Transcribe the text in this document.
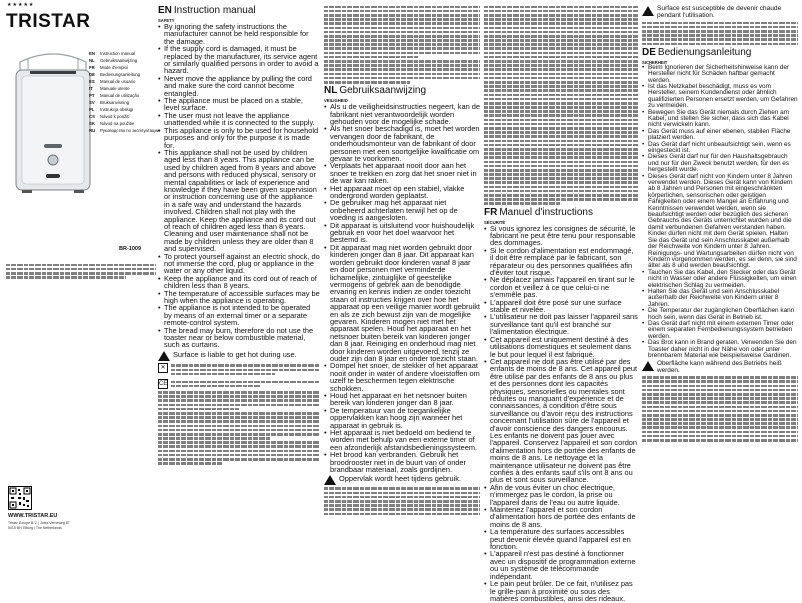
★★★★★
TRISTAR
EN Instruction manual
NL Gebruiksaanwijzing
FR Mode d'emploi
DE Bedienungsanleitung
ES Manual de usuario
IT Manuale utente
PT Manual de utilização
SV Bruksanvisning
PL Instrukcja obsługi
CS Návod k použití
SK Návod na použitie
RU Руководство по эксплуатации
BR-1009
WWW.TRISTAR.EU
Tristar Europe B.V. | Jules Verneweg 87
5015 BH Tilburg | The Netherlands
EN Instruction manual
SAFETY
• By ignoring the safety instructions the manufacturer cannot be held responsible for the damage.
• If the supply cord is damaged, it must be replaced by the manufacturer, its service agent or similarly qualified persons in order to avoid a hazard.
• Never move the appliance by pulling the cord and make sure the cord cannot become entangled.
• The appliance must be placed on a stable, level surface.
• The user must not leave the appliance unattended while it is connected to the supply.
• This appliance is only to be used for household purposes and only for the purpose it is made for.
• This appliance shall not be used by children aged less than 8 years. This appliance can be used by children aged from 8 years and above and persons with reduced physical, sensory or mental capabilities or lack of experience and knowledge if they have been given supervision or instruction concerning use of the appliance in a safe way and understand the hazards involved. Children shall not play with the appliance. Keep the appliance and its cord out of reach of children aged less than 8 years. Cleaning and user maintenance shall not be made by children unless they are older than 8 and supervised.
• To protect yourself against an electric shock, do not immerse the cord, plug or appliance in the water or any other liquid.
• Keep the appliance and its cord out of reach of children less than 8 years.
• The temperature of accessible surfaces may be high when the appliance is operating.
• The appliance is not intended to be operated by means of an external timer or a separate remote-control system.
• The bread may burn, therefore do not use the toaster near or below combustible material, such as curtains.
Surface is liable to get hot during use.
✕
CE
NL Gebruiksaanwijzing
VEILIGHEID
• Als u de veiligheidsinstructies negeert, kan de fabrikant niet verantwoordelijk worden gehouden voor de mogelijke schade.
• Als het snoer beschadigd is, moet het worden vervangen door de fabrikant, de onderhoudsmonteur van de fabrikant of door personen met een soortgelijke kwalificatie om gevaar te voorkomen.
• Verplaats het apparaat nooit door aan het snoer te trekken en zorg dat het snoer niet in de war kan raken.
• Het apparaat moet op een stabiel, vlakke ondergrond worden geplaatst.
• De gebruiker mag het apparaat niet onbeheerd achterlaten terwijl het op de voeding is aangesloten.
• Dit apparaat is uitsluitend voor huishoudelijk gebruik en voor het doel waarvoor het bestemd is.
• Dit apparaat mag niet worden gebruikt door kinderen jonger dan 8 jaar. Dit apparaat kan worden gebruikt door kinderen vanaf 8 jaar en door personen met verminderde lichamelijke, zintuiglijke of geestelijke vermogens of gebrek aan de benodigde ervaring en kennis indien ze onder toezicht staan of instructies krijgen over hoe het apparaat op een veilige manier wordt gebruikt en als ze zich bewust zijn van de mogelijke gevaren. Kinderen mogen niet met het apparaat spelen. Houd het apparaat en het netsnoer buiten bereik van kinderen jonger dan 8 jaar. Reiniging en onderhoud mag niet door kinderen worden uitgevoerd, tenzij ze ouder zijn dan 8 jaar en onder toezicht staan.
• Dompel het snoer, de stekker of het apparaat nooit onder in water of andere vloeistoffen om uzelf te beschermen tegen elektrische schokken.
• Houd het apparaat en het netsnoer buiten bereik van kinderen jonger dan 8 jaar.
• De temperatuur van de toegankelijke oppervlakken kan hoog zijn wanneer het apparaat in gebruik is.
• Het apparaat is niet bedoeld om bediend te worden met behulp van een externe timer of een afzonderlijk afstandsbedieningssysteem.
• Het brood kan verbranden. Gebruik het broodrooster niet in de buurt van of onder brandbaar materiaal, zoals gordijnen.
Oppervlak wordt heet tijdens gebruik.
FR Manuel d'instructions
SÉCURITÉ
• Si vous ignorez les consignes de sécurité, le fabricant ne peut être tenu pour responsable des dommages.
• Si le cordon d'alimentation est endommagé, il doit être remplacé par le fabricant, son réparateur ou des personnes qualifiées afin d'éviter tout risque.
• Ne déplacez jamais l'appareil en tirant sur le cordon et veillez à ce que celui-ci ne s'emmêle pas.
• L'appareil doit être posé sur une surface stable et nivelée.
• L'utilisateur ne doit pas laisser l'appareil sans surveillance tant qu'il est branché sur l'alimentation électrique.
• Cet appareil est uniquement destiné à des utilisations domestiques et seulement dans le but pour lequel il est fabriqué.
• Cet appareil ne doit pas être utilisé par des enfants de moins de 8 ans. Cet appareil peut être utilisé par des enfants de 8 ans ou plus et des personnes dont les capacités physiques, sensorielles ou mentales sont réduites ou manquant d'expérience et de connaissances, à condition d'être sous surveillance ou d'avoir reçu des instructions concernant l'utilisation sûre de l'appareil et d'avoir conscience des dangers encourus. Les enfants ne doivent pas jouer avec l'appareil. Conservez l'appareil et son cordon d'alimentation hors de portée des enfants de moins de 8 ans. Le nettoyage et la maintenance utilisateur ne doivent pas être confiés à des enfants sauf s'ils ont 8 ans ou plus et sont sous surveillance.
• Afin de vous éviter un choc électrique, n'immergez pas le cordon, la prise ou l'appareil dans de l'eau ou autre liquide.
• Maintenez l'appareil et son cordon d'alimentation hors de portée des enfants de moins de 8 ans.
• La température des surfaces accessibles peut devenir élevée quand l'appareil est en fonction.
• L'appareil n'est pas destiné à fonctionner avec un dispositif de programmation externe ou un système de télécommande indépendant.
• Le pain peut brûler. De ce fait, n'utilisez pas le grille-pain à proximité ou sous des matières combustibles, ainsi des rideaux.
Surface est susceptible de devenir chaude pendant l'utilisation.
DE Bedienungsanleitung
SICHERHEIT
• Beim Ignorieren der Sicherheitshinweise kann der Hersteller nicht für Schäden haftbar gemacht werden.
• Ist das Netzkabel beschädigt, muss es vom Hersteller, seinem Kundendienst oder ähnlich qualifizierten Personen ersetzt werden, um Gefahren zu vermeiden.
• Bewegen Sie das Gerät niemals durch Ziehen am Kabel, und stellen Sie sicher, dass sich das Kabel nicht verwickeln kann.
• Das Gerät muss auf einer ebenen, stabilen Fläche platziert werden.
• Das Gerät darf nicht unbeaufsichtigt sein, wenn es eingesteckt ist.
• Dieses Gerät darf nur für den Haushaltsgebrauch und nur für den Zweck benutzt werden, für den es hergestellt wurde.
• Dieses Gerät darf nicht von Kindern unter 8 Jahren verwendet werden. Dieses Gerät kann von Kindern ab 8 Jahren und Personen mit eingeschränkten körperlichen, sensorischen oder geistigen Fähigkeiten oder einem Mangel an Erfahrung und Kenntnissen verwendet werden, wenn sie beaufsichtigt werden oder bezüglich des sicheren Gebrauchs des Geräts unterrichtet wurden und die damit verbundenen Gefahren verstanden haben. Kinder dürfen nicht mit dem Gerät spielen. Halten Sie das Gerät und sein Anschlusskabel außerhalb der Reichweite von Kindern unter 8 Jahren. Reinigungs- und Wartungsarbeiten dürfen nicht von Kindern vorgenommen werden, es sei denn, sie sind älter als 8 und werden beaufsichtigt.
• Tauchen Sie das Kabel, den Stecker oder das Gerät nicht in Wasser oder andere Flüssigkeiten, um einen elektrischen Schlag zu vermeiden.
• Halten Sie das Gerät und sein Anschlusskabel außerhalb der Reichweite von Kindern unter 8 Jahren.
• Die Temperatur der zugänglichen Oberflächen kann hoch sein, wenn das Gerät in Betrieb ist.
• Das Gerät darf nicht mit einem externen Timer oder einem separaten Fernbedienungssystem betrieben werden.
• Das Brot kann in Brand geraten. Verwenden Sie den Toaster daher nicht in der Nähe von oder unter brennbarem Material wie beispielsweise Gardinen.
Oberfläche kann während des Betriebs heiß werden.
